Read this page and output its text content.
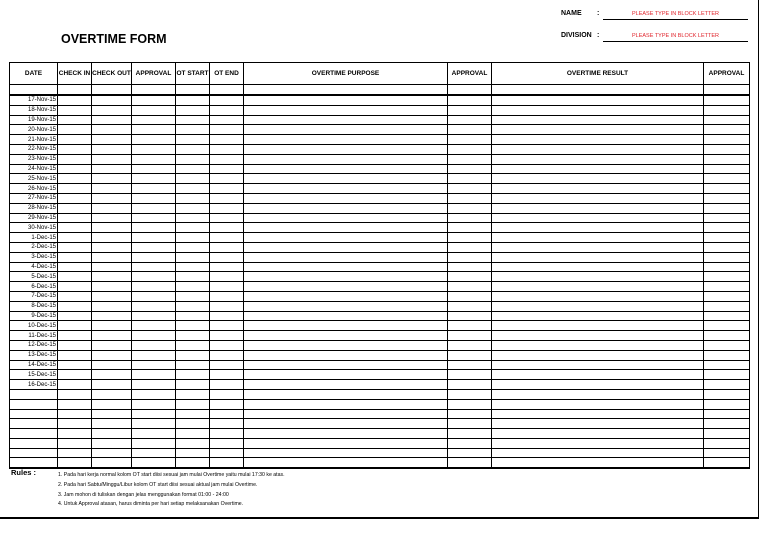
OVERTIME FORM
NAME :	PLEASE TYPE IN BLOCK LETTER
DIVISION :	PLEASE TYPE IN BLOCK LETTER
DATE	CHECK IN	CHECK OUT	APPROVAL	OT START	OT END	OVERTIME PURPOSE	APPROVAL	OVERTIME RESULT	APPROVAL

17-Nov-15									
18-Nov-15									
19-Nov-15									
20-Nov-15									
21-Nov-15									
22-Nov-15									
23-Nov-15									
24-Nov-15									
25-Nov-15									
26-Nov-15									
27-Nov-15									
28-Nov-15									
29-Nov-15									
30-Nov-15									
1-Dec-15									
2-Dec-15									
3-Dec-15									
4-Dec-15									
5-Dec-15									
6-Dec-15									
7-Dec-15									
8-Dec-15									
9-Dec-15									
10-Dec-15									
11-Dec-15									
12-Dec-15									
13-Dec-15									
14-Dec-15									
15-Dec-15									
16-Dec-15									

Rules :	1. Pada hari kerja normal kolom OT start diisi sesuai jam mulai Overtime yaitu mulai 17:30 ke atas.
2. Pada hari Sabtu/Minggu/Libur kolom OT start diisi sesuai aktual jam mulai Overtime.
3. Jam mohon di tuliskan dengan jelas menggunakan format 01:00 - 24:00
4. Untuk Approval atasan, harus diminta per hari setiap melaksanakan Overtime.
